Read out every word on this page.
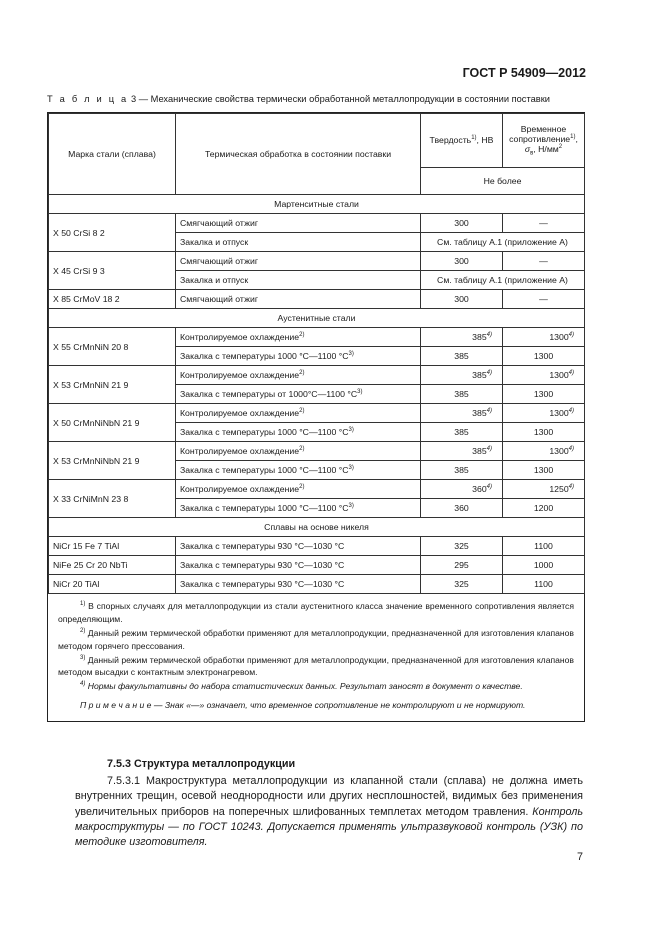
ГОСТ Р 54909—2012
Т а б л и ц а 3 — Механические свойства термически обработанной металлопродукции в состоянии поставки
Марка стали (сплава)	Термическая обработка в состоянии поставки	Твердость$^{1)}$, НВ	Временное
сопротивление$^{1)}$,
$\sigma_в$, $Н/мм^2$
		Не более	
Мартенситные стали			
X 50 CrSi 8 2	Смягчающий отжиг	300	—
	Закалка и отпуск	См. таблицу А.1 (приложение А)	
X 45 CrSi 9 3	Смягчающий отжиг	300	—
	Закалка и отпуск	См. таблицу А.1 (приложение А)	
X 85 CrMoV 18 2	Смягчающий отжиг	300	—
Аустенитные стали			
X 55 CrMnNiN 20 8	Контролируемое охлаждение$^{2)}$	385$^{4)}$	1300$^{4)}$
	Закалка с температуры 1000 °С—1100 $^\circ С^{3)}$	385	1300
X 53 CrMnNiN 21 9	Контролируемое охлаждение$^{2)}$	385$^{4)}$	1300$^{4)}$
	Закалка с температуры от 1000°С—1100 $^\circ С^{3)}$	385	1300
X 50 CrMnNiNbN 21 9	Контролируемое охлаждение$^{2)}$	385$^{4)}$	1300$^{4)}$
	Закалка с температуры 1000 °С—1100 $^\circ С^{3)}$	385	1300
X 53 CrMnNiNbN 21 9	Контролируемое охлаждение$^{2)}$	385$^{4)}$	1300$^{4)}$
	Закалка с температуры 1000 °С—1100 $^\circ С^{3)}$	385	1300
X 33 CrNiMnN 23 8	Контролируемое охлаждение$^{2)}$	360$^{4)}$	1250$^{4)}$
	Закалка с температуры 1000 °С—1100 $^\circ С^{3)}$	360	1200
Сплавы на основе никеля			
NiCr 15 Fe 7 TiAl	Закалка с температуры 930 °С—1030 °С	325	1100
NiFe 25 Cr 20 NbTi	Закалка с температуры 930 °С—1030 °С	295	1000
NiCr 20 TiAl	Закалка с температуры 930 °С—1030 °С	325	1100

$^{1)}$ В спорных случаях для металлопродукции из стали аустенитного класса значение временного сопротивления является определяющим.

$^{2)}$ Данный режим термической обработки применяют для металлопродукции, предназначенной для изготовления клапанов методом горячего прессования.

$^{3)}$ Данный режим термической обработки применяют для металлопродукции, предназначенной для изготовления клапанов методом высадки с контактным электронагревом.

$^{4)}$ Нормы факультативны до набора статистических данных. Результат заносят в документ о качестве.

П р и м е ч а н и е — Знак «—» означает, что временное сопротивление не контролируют и не нормируют.

7.5.3 Структура металлопродукции
7.5.3.1 Макроструктура металлопродукции из клапанной стали (сплава) не должна иметь внутренних трещин, осевой неоднородности или других несплошностей, видимых без применения увеличительных приборов на поперечных шлифованных темплетах методом травления. Контроль макроструктуры — по ГОСТ 10243. Допускается применять ультразвуковой контроль (УЗК) по методике изготовителя.
7
